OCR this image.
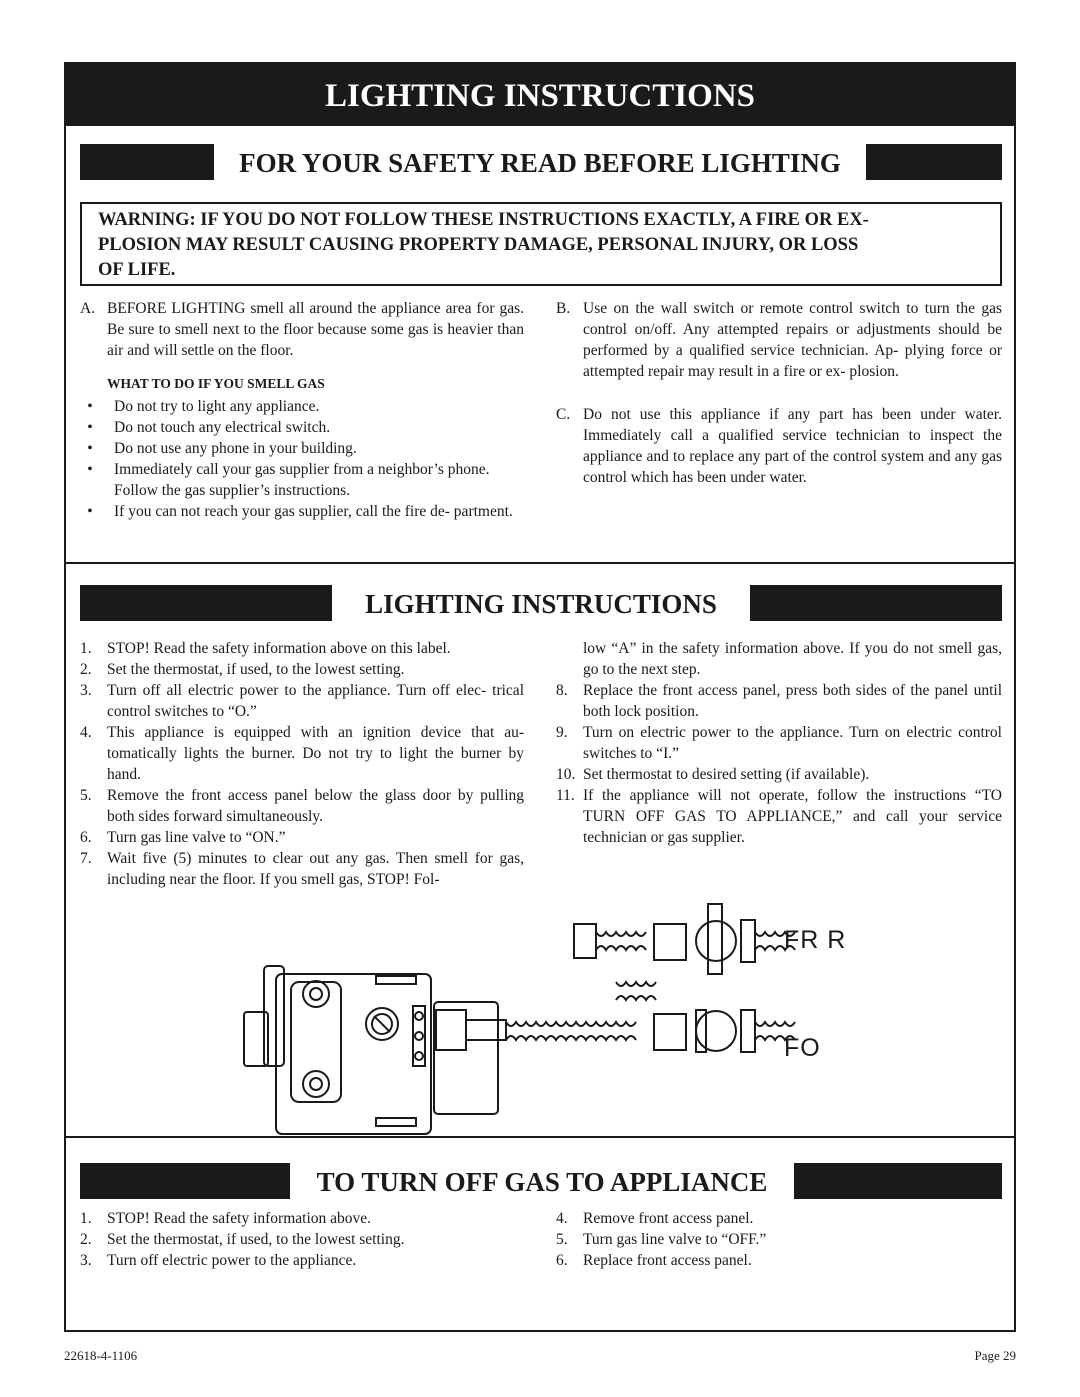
LIGHTING INSTRUCTIONS
FOR YOUR SAFETY READ BEFORE LIGHTING
WARNING: IF YOU DO NOT FOLLOW THESE INSTRUCTIONS EXACTLY, A FIRE OR EX-
PLOSION MAY RESULT CAUSING PROPERTY DAMAGE, PERSONAL INJURY, OR LOSS
OF LIFE.
A. BEFORE LIGHTING smell all around the appliance area for gas. Be sure to smell next to the floor because some gas is heavier than air and will settle on the floor.
WHAT TO DO IF YOU SMELL GAS
•	Do not try to light any appliance.
•	Do not touch any electrical switch.
•	Do not use any phone in your building.
•	Immediately call your gas supplier from a neighbor’s phone. Follow the gas supplier’s instructions.
•	If you can not reach your gas supplier, call the fire de- partment.
B. Use on the wall switch or remote control switch to turn the gas control on/off. Any attempted repairs or adjustments should be performed by a qualified service technician. Ap- plying force or attempted repair may result in a fire or ex- plosion.
C. Do not use this appliance if any part has been under water. Immediately call a qualified service technician to inspect the appliance and to replace any part of the control system and any gas control which has been under water.
LIGHTING INSTRUCTIONS
1. STOP! Read the safety information above on this label.
2. Set the thermostat, if used, to the lowest setting.
3. Turn off all electric power to the appliance. Turn off elec- trical control switches to “O.”
4. This appliance is equipped with an ignition device that au- tomatically lights the burner. Do not try to light the burner by hand.
5. Remove the front access panel below the glass door by pulling both sides forward simultaneously.
6. Turn gas line valve to “ON.”
7. Wait five (5) minutes to clear out any gas. Then smell for gas, including near the floor. If you smell gas, STOP! Fol-
low “A” in the safety information above. If you do not smell gas, go to the next step.
8. Replace the front access panel, press both sides of the panel until both lock position.
9. Turn on electric power to the appliance. Turn on electric control switches to “I.”
10. Set thermostat to desired setting (if available).
11. If the appliance will not operate, follow the instructions “TO TURN OFF GAS TO APPLIANCE,” and call your service technician or gas supplier.
FR R
FO
TO TURN OFF GAS TO APPLIANCE
1. STOP! Read the safety information above.
2. Set the thermostat, if used, to the lowest setting.
3. Turn off electric power to the appliance.
4. Remove front access panel.
5. Turn gas line valve to “OFF.”
6. Replace front access panel.
22618-4-1106	Page 29
